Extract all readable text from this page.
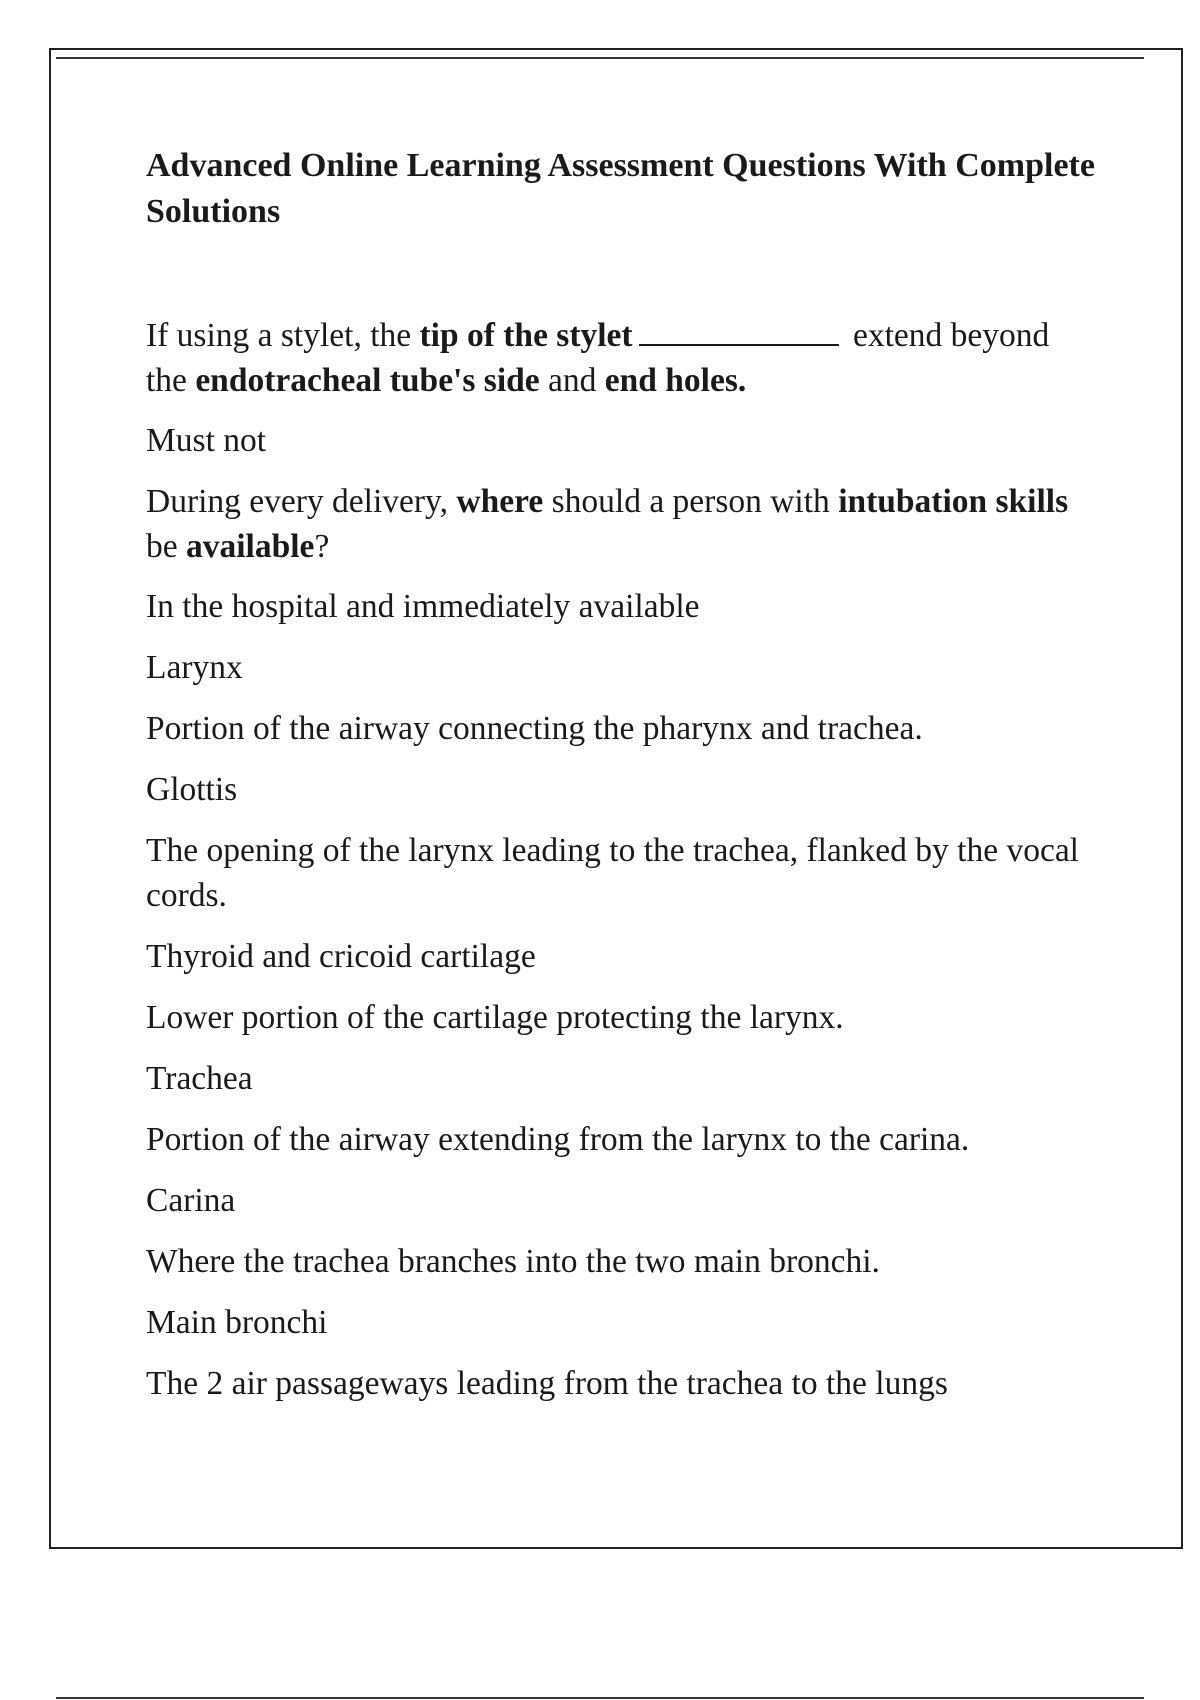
Advanced Online Learning Assessment Questions With Complete Solutions
If using a stylet, the tip of the stylet	extend beyond the endotracheal tube's side and end holes.
Must not
During every delivery, where should a person with intubation skills be available?
In the hospital and immediately available
Larynx
Portion of the airway connecting the pharynx and trachea.
Glottis
The opening of the larynx leading to the trachea, flanked by the vocal cords.
Thyroid and cricoid cartilage
Lower portion of the cartilage protecting the larynx.
Trachea
Portion of the airway extending from the larynx to the carina.
Carina
Where the trachea branches into the two main bronchi.
Main bronchi
The 2 air passageways leading from the trachea to the lungs
